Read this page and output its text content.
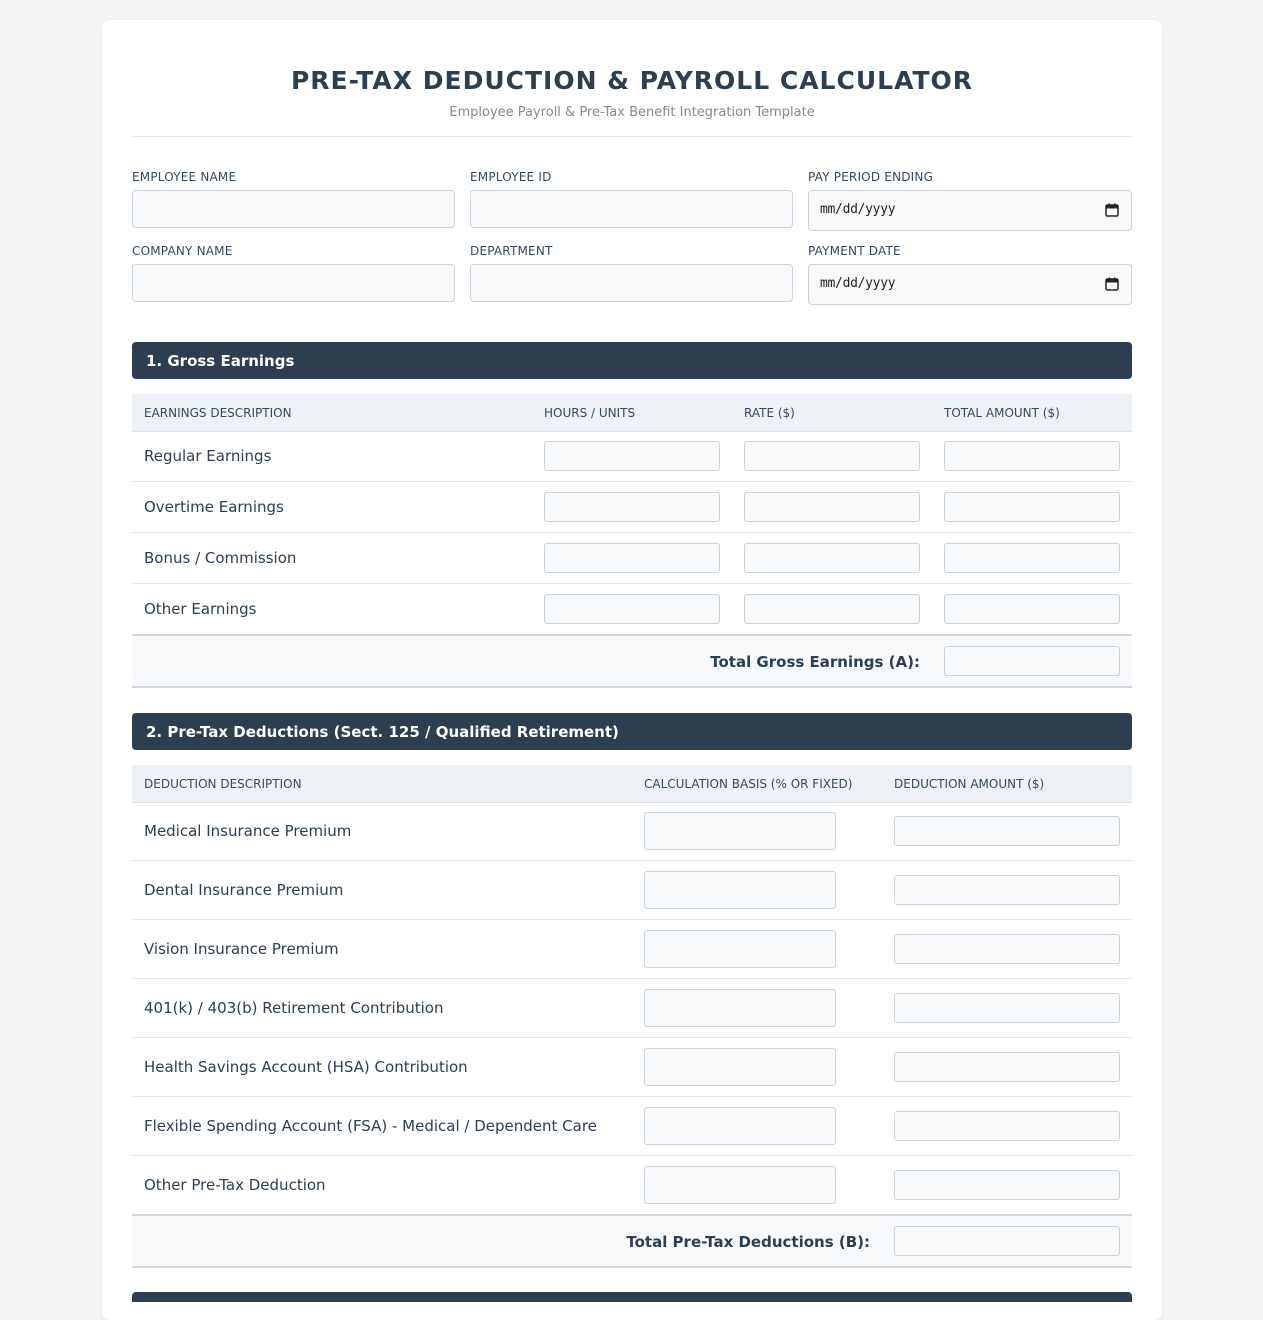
PRE-TAX DEDUCTION & PAYROLL CALCULATOR
Employee Payroll & Pre-Tax Benefit Integration Template
EMPLOYEE NAME	EMPLOYEE ID	PAY PERIOD ENDING
mm/dd/yyyy
COMPANY NAME	DEPARTMENT	PAYMENT DATE
mm/dd/yyyy
1. Gross Earnings
EARNINGS DESCRIPTION	HOURS / UNITS	RATE ($)	TOTAL AMOUNT ($)
Regular Earnings
Overtime Earnings
Bonus / Commission
Other Earnings
Total Gross Earnings (A):
2. Pre-Tax Deductions (Sect. 125 / Qualified Retirement)
DEDUCTION DESCRIPTION	CALCULATION BASIS (% OR FIXED)	DEDUCTION AMOUNT ($)
Medical Insurance Premium
Dental Insurance Premium
Vision Insurance Premium
401(k) / 403(b) Retirement Contribution
Health Savings Account (HSA) Contribution
Flexible Spending Account (FSA) - Medical / Dependent Care
Other Pre-Tax Deduction
Total Pre-Tax Deductions (B):
